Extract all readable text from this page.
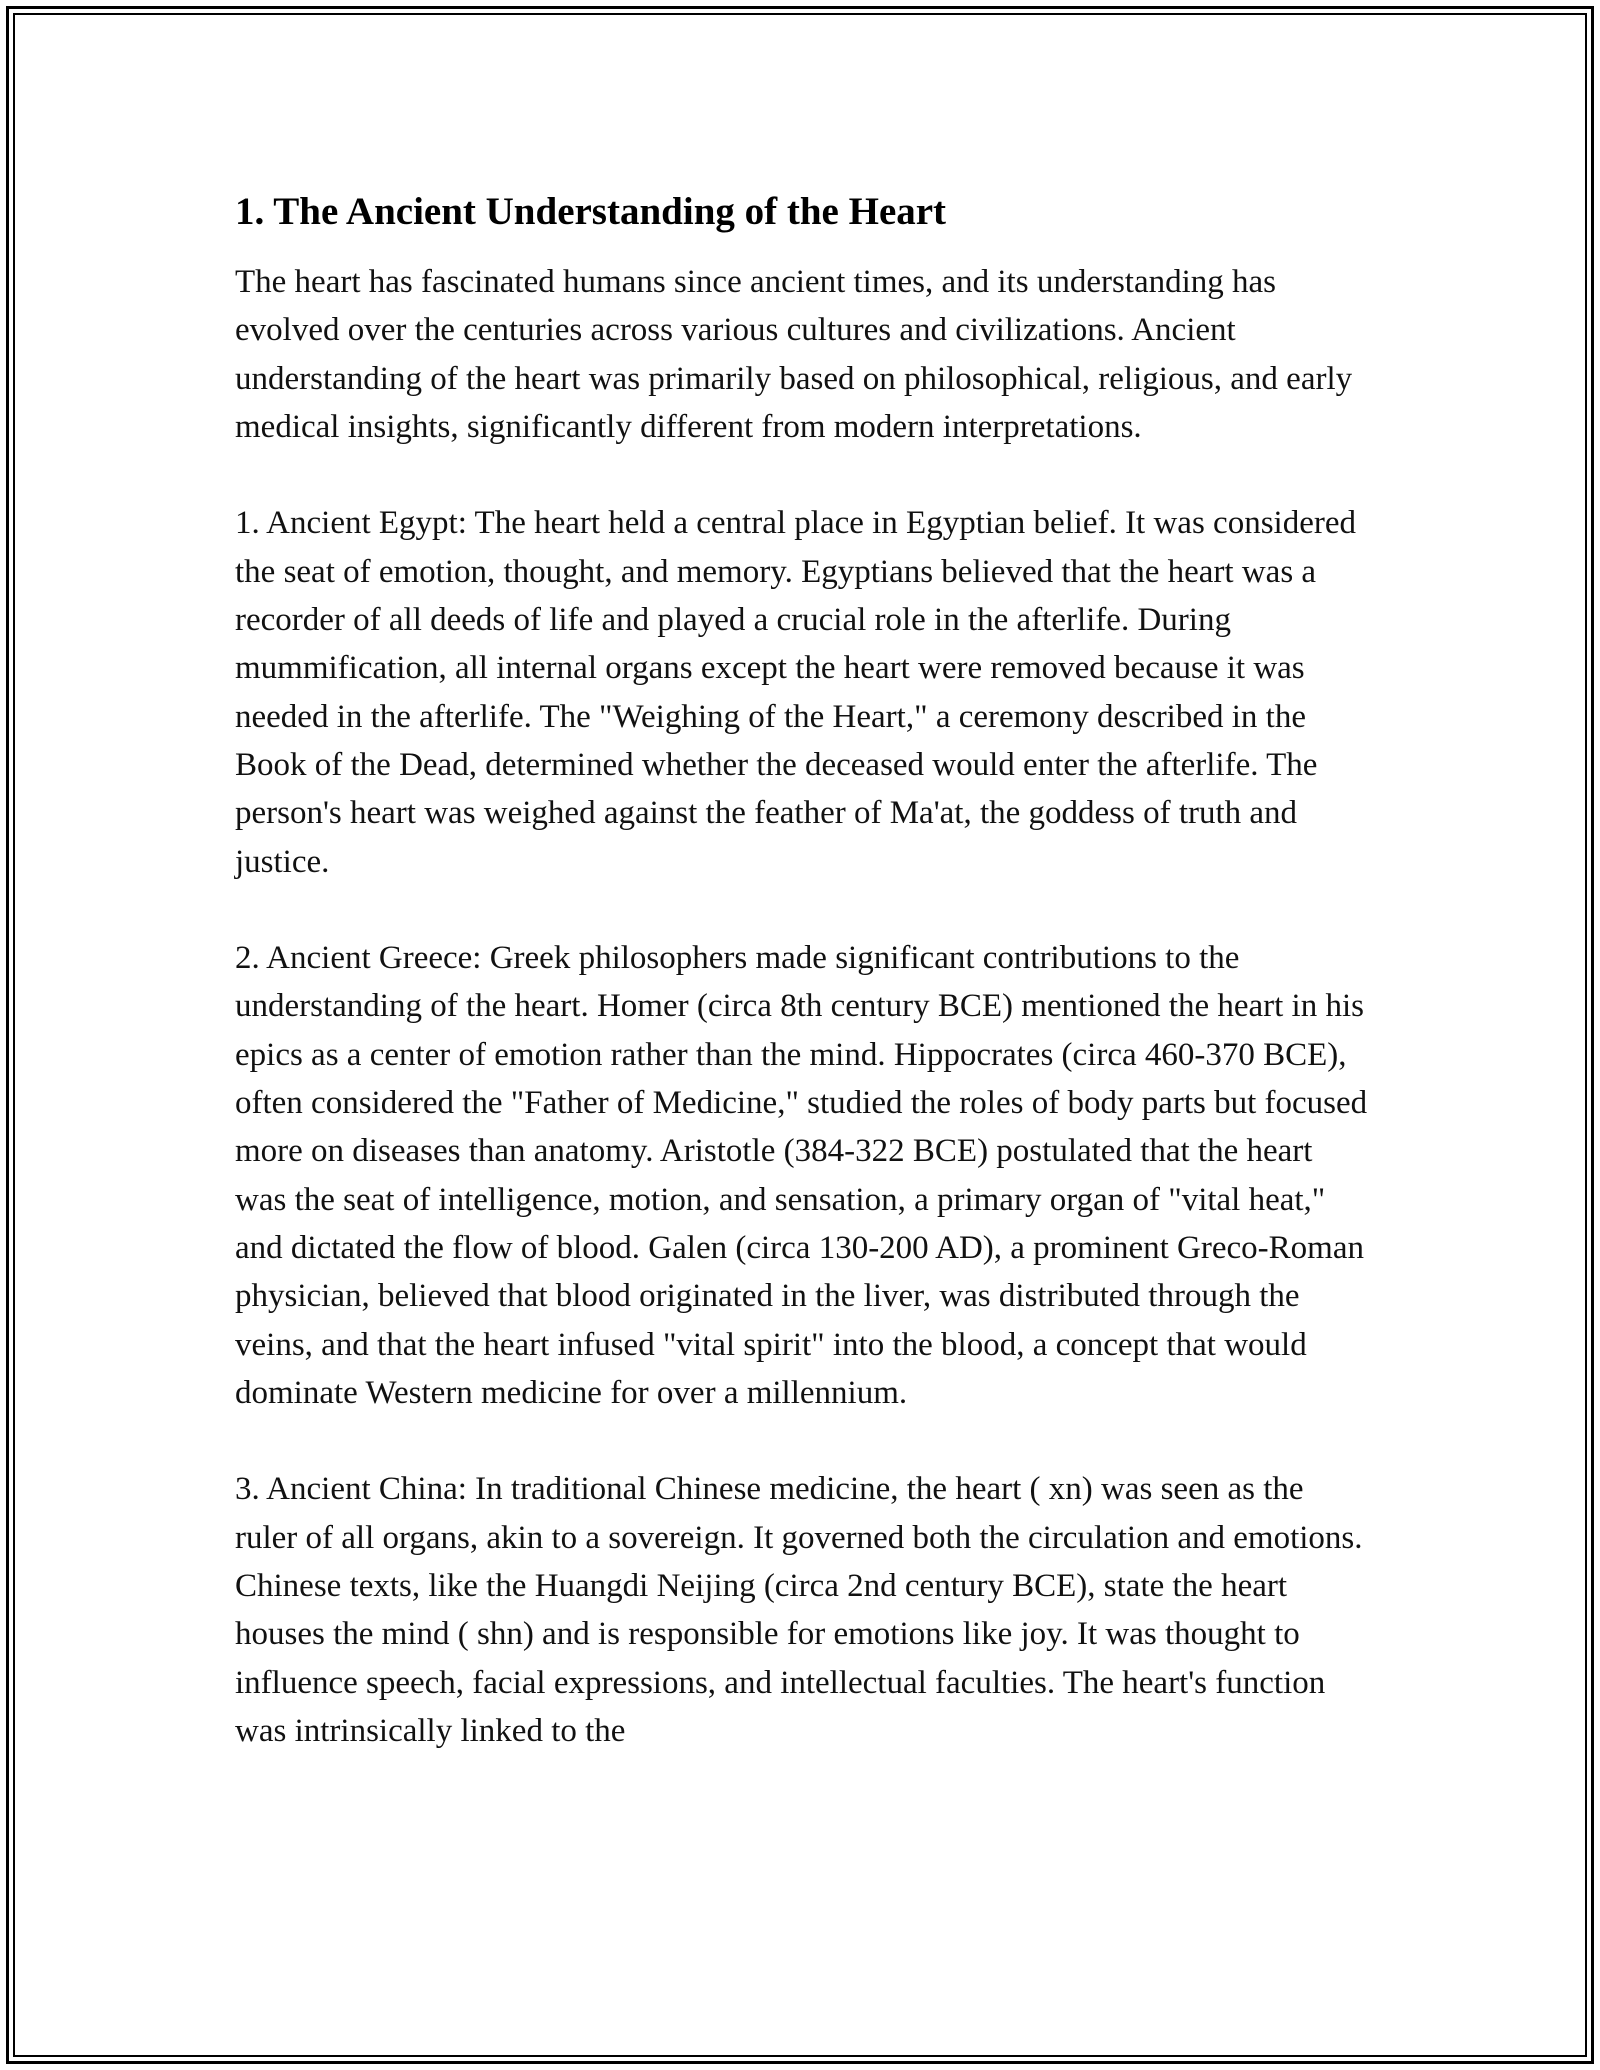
1. The Ancient Understanding of the Heart

The heart has fascinated humans since ancient times, and its understanding has evolved over the centuries across various cultures and civilizations. Ancient understanding of the heart was primarily based on philosophical, religious, and early medical insights, significantly different from modern interpretations.

1. Ancient Egypt: The heart held a central place in Egyptian belief. It was considered the seat of emotion, thought, and memory. Egyptians believed that the heart was a recorder of all deeds of life and played a crucial role in the afterlife. During mummification, all internal organs except the heart were removed because it was needed in the afterlife. The "Weighing of the Heart," a ceremony described in the Book of the Dead, determined whether the deceased would enter the afterlife. The person's heart was weighed against the feather of Ma'at, the goddess of truth and justice.

2. Ancient Greece: Greek philosophers made significant contributions to the understanding of the heart. Homer (circa 8th century BCE) mentioned the heart in his epics as a center of emotion rather than the mind. Hippocrates (circa 460-370 BCE), often considered the "Father of Medicine," studied the roles of body parts but focused more on diseases than anatomy. Aristotle (384-322 BCE) postulated that the heart was the seat of intelligence, motion, and sensation, a primary organ of "vital heat," and dictated the flow of blood. Galen (circa 130-200 AD), a prominent Greco-Roman physician, believed that blood originated in the liver, was distributed through the veins, and that the heart infused "vital spirit" into the blood, a concept that would dominate Western medicine for over a millennium.

3. Ancient China: In traditional Chinese medicine, the heart ( xn) was seen as the ruler of all organs, akin to a sovereign. It governed both the circulation and emotions. Chinese texts, like the Huangdi Neijing (circa 2nd century BCE), state the heart houses the mind ( shn) and is responsible for emotions like joy. It was thought to influence speech, facial expressions, and intellectual faculties. The heart's function was intrinsically linked to the
